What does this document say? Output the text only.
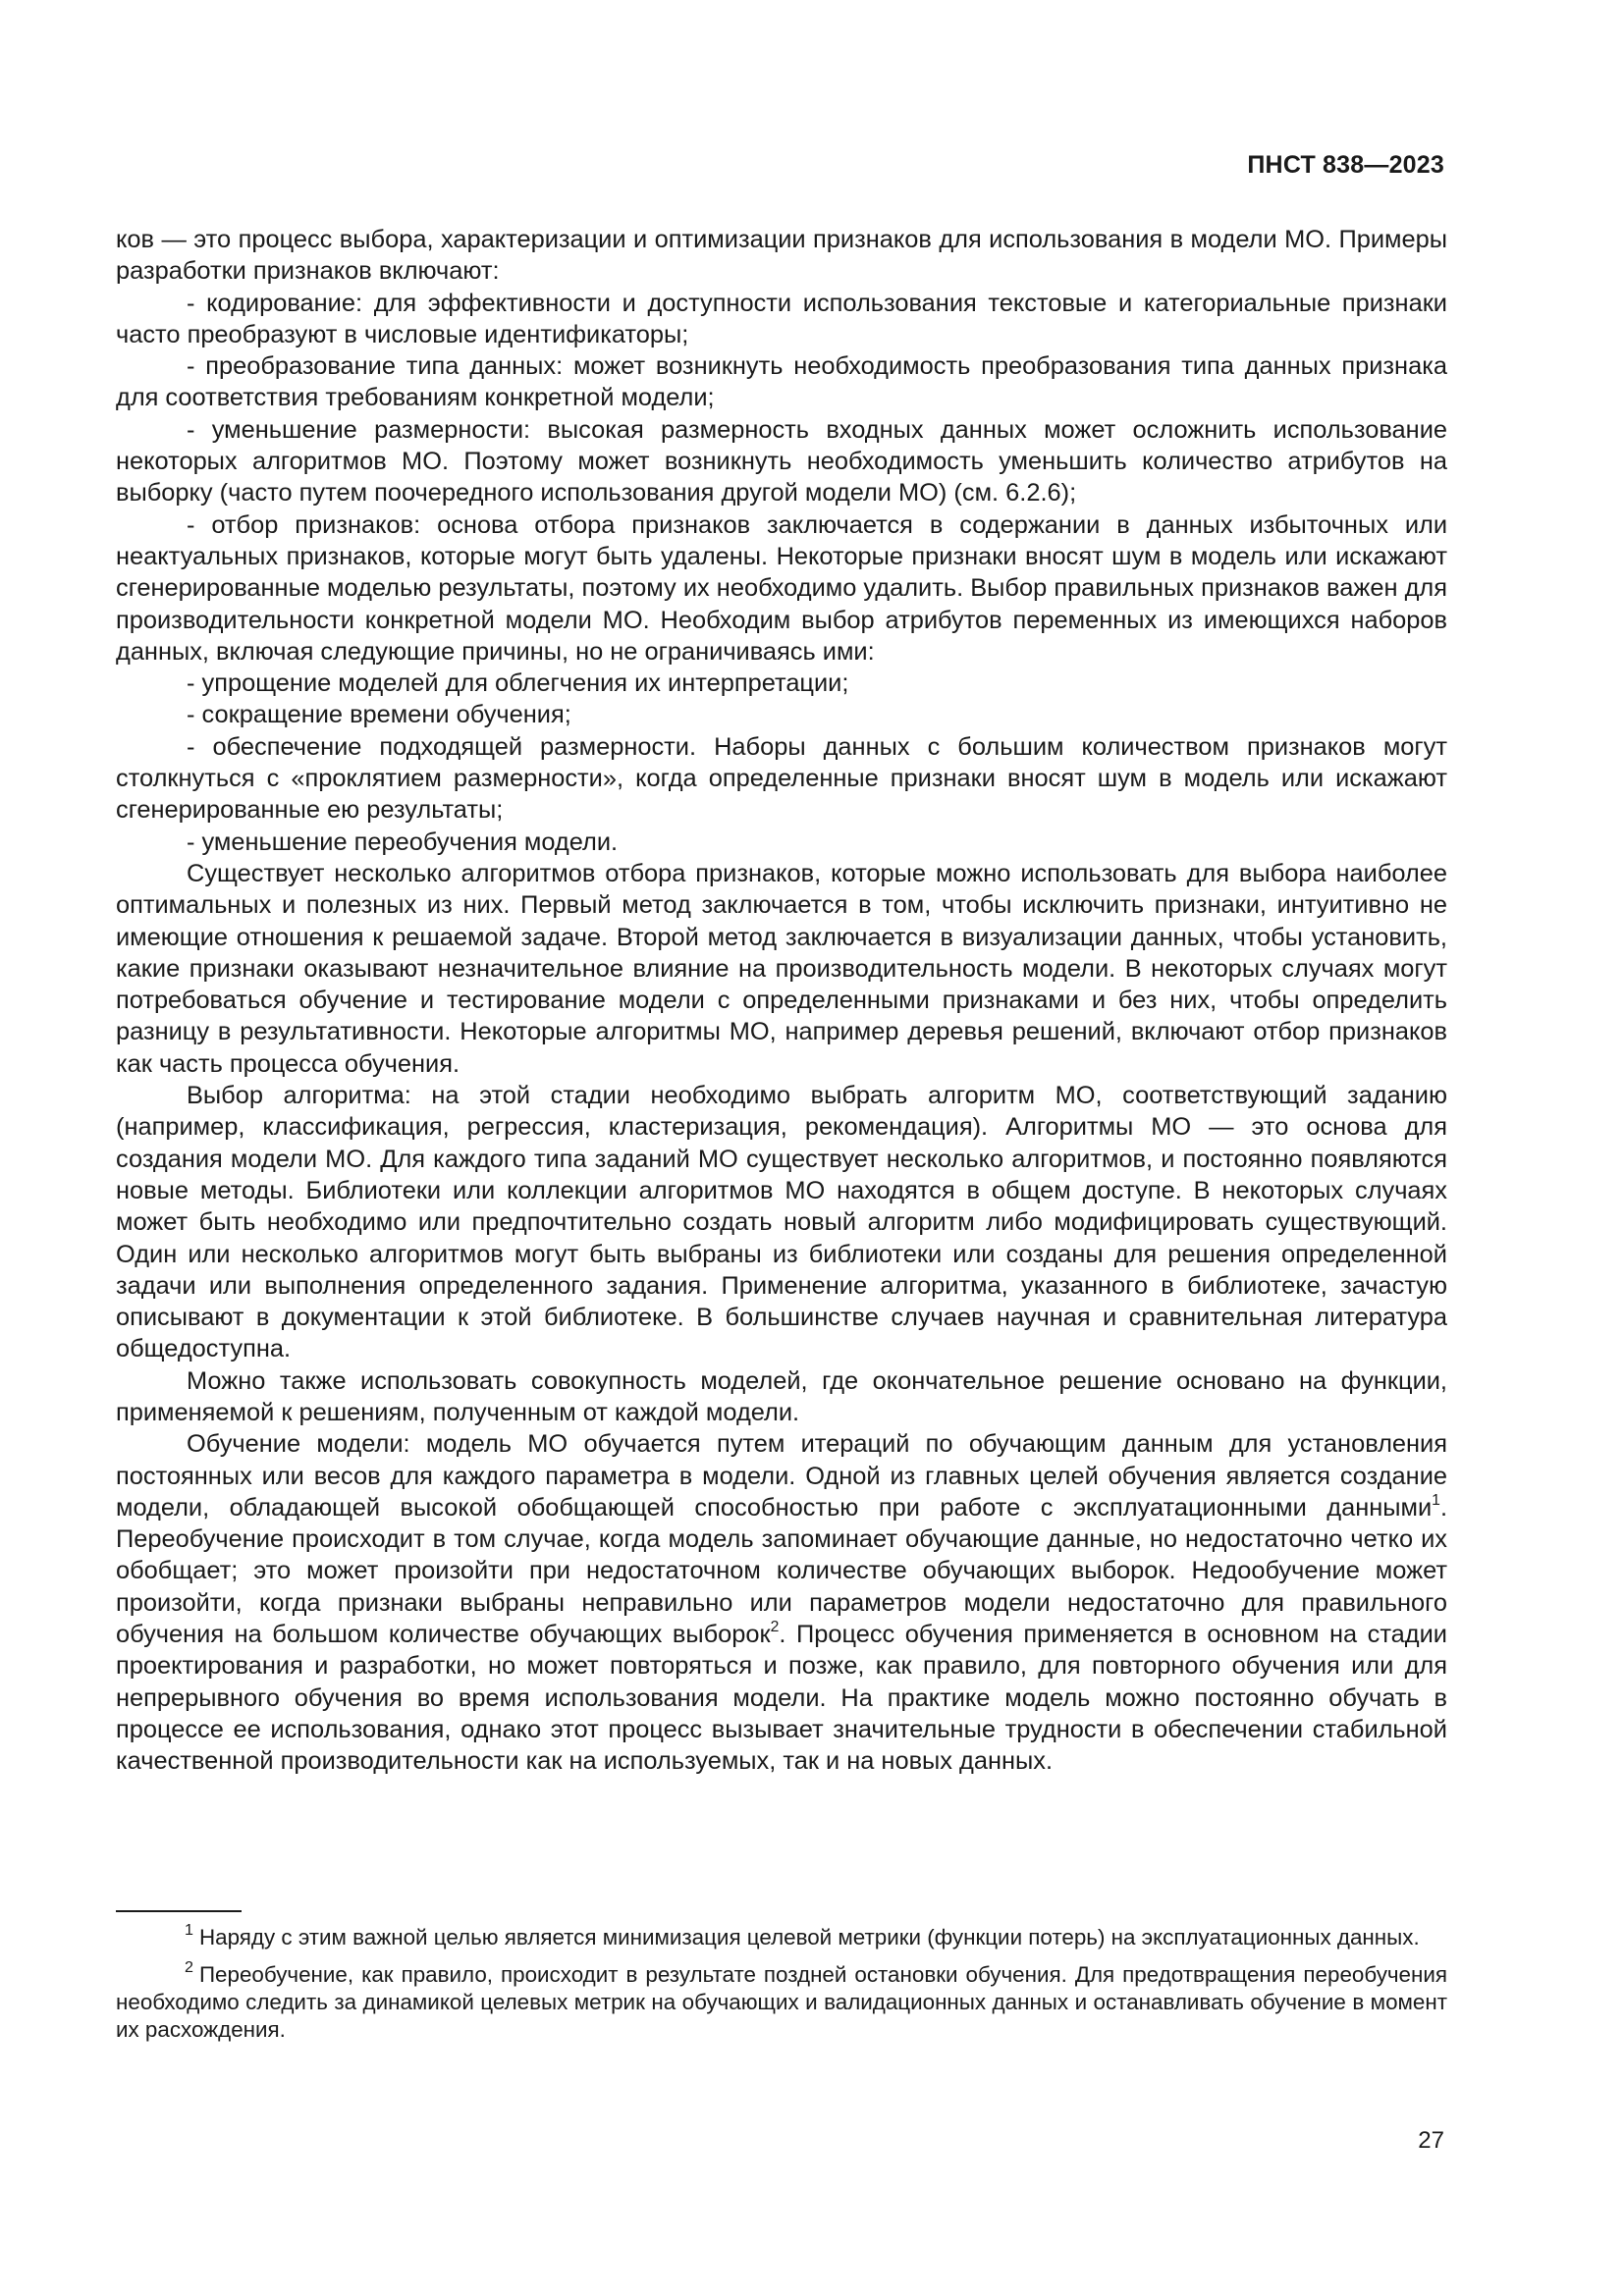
ПНСТ 838—2023

ков — это процесс выбора, характеризации и оптимизации признаков для использования в модели МО. Примеры разработки признаков включают:

- кодирование: для эффективности и доступности использования текстовые и категориальные признаки часто преобразуют в числовые идентификаторы;

- преобразование типа данных: может возникнуть необходимость преобразования типа данных признака для соответствия требованиям конкретной модели;

- уменьшение размерности: высокая размерность входных данных может осложнить использование некоторых алгоритмов МО. Поэтому может возникнуть необходимость уменьшить количество атрибутов на выборку (часто путем поочередного использования другой модели МО) (см. 6.2.6);

- отбор признаков: основа отбора признаков заключается в содержании в данных избыточных или неактуальных признаков, которые могут быть удалены. Некоторые признаки вносят шум в модель или искажают сгенерированные моделью результаты, поэтому их необходимо удалить. Выбор правильных признаков важен для производительности конкретной модели МО. Необходим выбор атрибутов переменных из имеющихся наборов данных, включая следующие причины, но не ограничиваясь ими:

- упрощение моделей для облегчения их интерпретации;

- сокращение времени обучения;

- обеспечение подходящей размерности. Наборы данных с большим количеством признаков могут столкнуться с «проклятием размерности», когда определенные признаки вносят шум в модель или искажают сгенерированные ею результаты;

- уменьшение переобучения модели.

Существует несколько алгоритмов отбора признаков, которые можно использовать для выбора наиболее оптимальных и полезных из них. Первый метод заключается в том, чтобы исключить признаки, интуитивно не имеющие отношения к решаемой задаче. Второй метод заключается в визуализации данных, чтобы установить, какие признаки оказывают незначительное влияние на производительность модели. В некоторых случаях могут потребоваться обучение и тестирование модели с определенными признаками и без них, чтобы определить разницу в результативности. Некоторые алгоритмы МО, например деревья решений, включают отбор признаков как часть процесса обучения.

Выбор алгоритма: на этой стадии необходимо выбрать алгоритм МО, соответствующий заданию (например, классификация, регрессия, кластеризация, рекомендация). Алгоритмы МО — это основа для создания модели МО. Для каждого типа заданий МО существует несколько алгоритмов, и постоянно появляются новые методы. Библиотеки или коллекции алгоритмов МО находятся в общем доступе. В некоторых случаях может быть необходимо или предпочтительно создать новый алгоритм либо модифицировать существующий. Один или несколько алгоритмов могут быть выбраны из библиотеки или созданы для решения определенной задачи или выполнения определенного задания. Применение алгоритма, указанного в библиотеке, зачастую описывают в документации к этой библиотеке. В большинстве случаев научная и сравнительная литература общедоступна.

Можно также использовать совокупность моделей, где окончательное решение основано на функции, применяемой к решениям, полученным от каждой модели.

Обучение модели: модель МО обучается путем итераций по обучающим данным для установления постоянных или весов для каждого параметра в модели. Одной из главных целей обучения является создание модели, обладающей высокой обобщающей способностью при работе с эксплуатационными данными$^1$. Переобучение происходит в том случае, когда модель запоминает обучающие данные, но недостаточно четко их обобщает; это может произойти при недостаточном количестве обучающих выборок. Недообучение может произойти, когда признаки выбраны неправильно или параметров модели недостаточно для правильного обучения на большом количестве обучающих выборок$^2$. Процесс обучения применяется в основном на стадии проектирования и разработки, но может повторяться и позже, как правило, для повторного обучения или для непрерывного обучения во время использования модели. На практике модель можно постоянно обучать в процессе ее использования, однако этот процесс вызывает значительные трудности в обеспечении стабильной качественной производительности как на используемых, так и на новых данных.

$^1$ Наряду с этим важной целью является минимизация целевой метрики (функции потерь) на эксплуатационных данных.

$^2$ Переобучение, как правило, происходит в результате поздней остановки обучения. Для предотвращения переобучения необходимо следить за динамикой целевых метрик на обучающих и валидационных данных и останавливать обучение в момент их расхождения.

27
